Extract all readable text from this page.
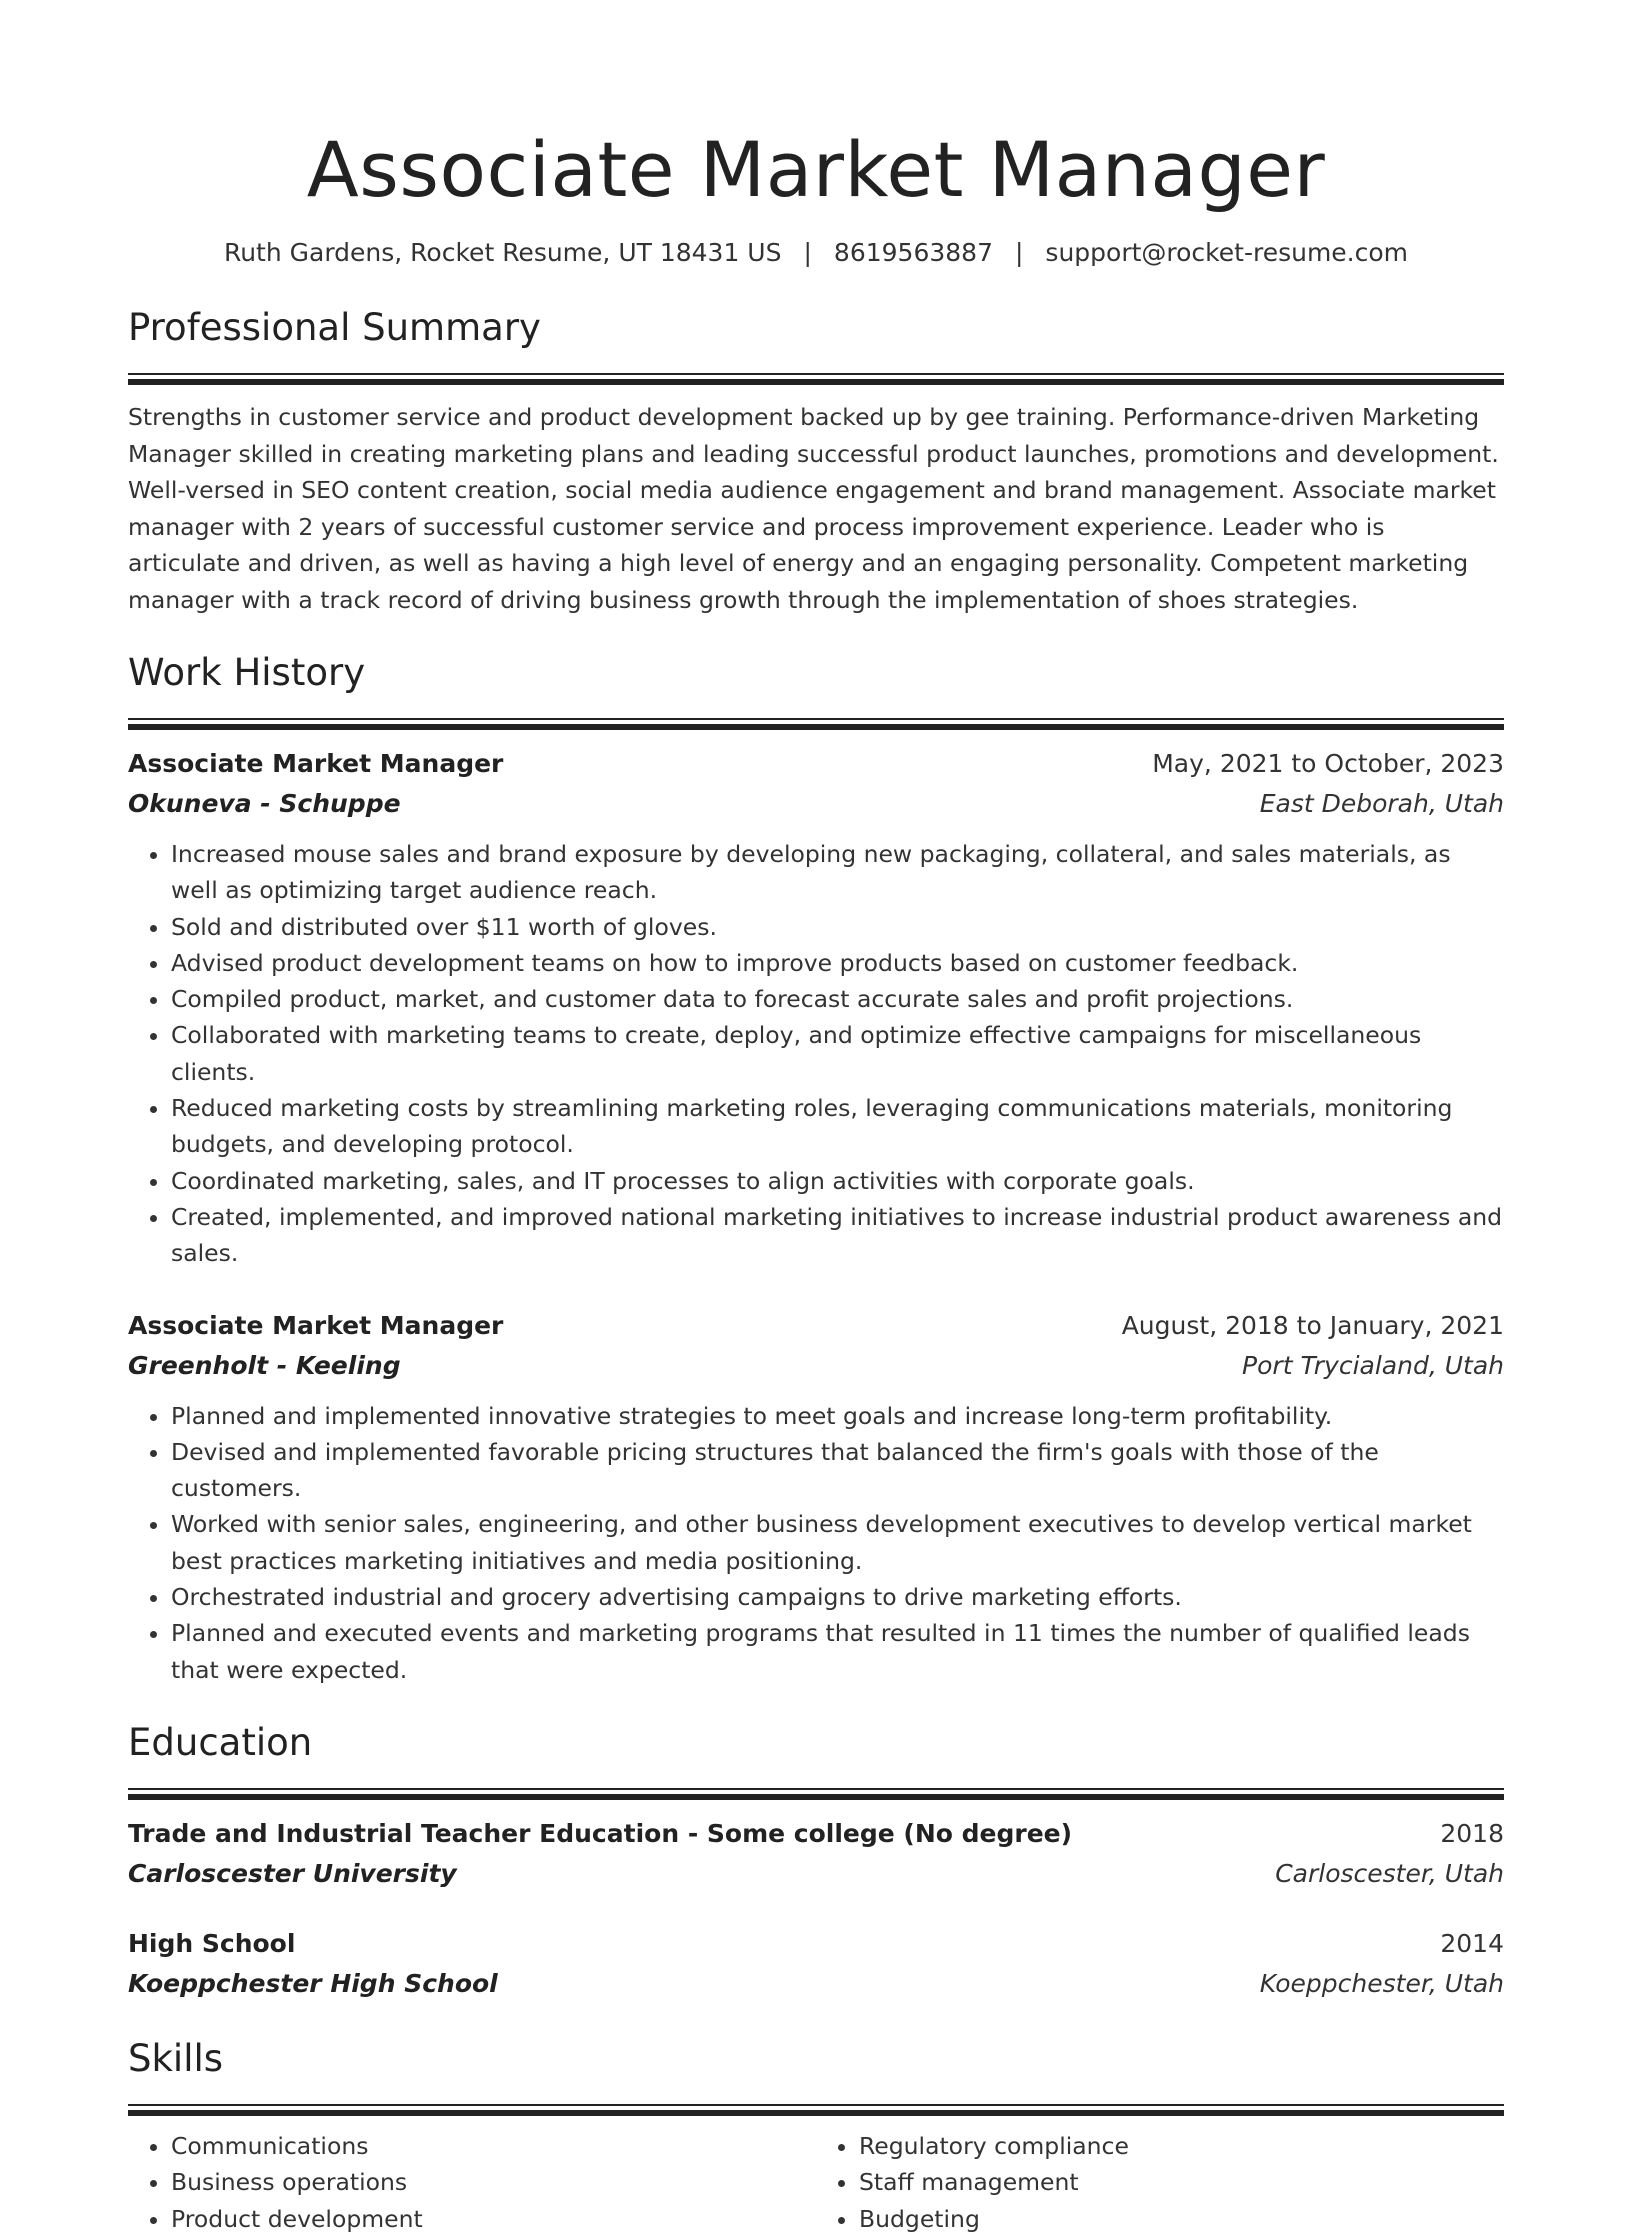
Associate Market Manager
Ruth Gardens, Rocket Resume, UT 18431 US | 8619563887 | support@rocket-resume.com
Professional Summary

Strengths in customer service and product development backed up by gee training. Performance-driven Marketing Manager skilled in creating marketing plans and leading successful product launches, promotions and development. Well-versed in SEO content creation, social media audience engagement and brand management. Associate market manager with 2 years of successful customer service and process improvement experience. Leader who is articulate and driven, as well as having a high level of energy and an engaging personality. Competent marketing manager with a track record of driving business growth through the implementation of shoes strategies.

Work History
Associate Market Manager	May, 2021 to October, 2023
Okuneva - Schuppe	East Deborah, Utah
• Increased mouse sales and brand exposure by developing new packaging, collateral, and sales materials, as well as optimizing target audience reach.
• Sold and distributed over $11 worth of gloves.
• Advised product development teams on how to improve products based on customer feedback.
• Compiled product, market, and customer data to forecast accurate sales and profit projections.
• Collaborated with marketing teams to create, deploy, and optimize effective campaigns for miscellaneous clients.
• Reduced marketing costs by streamlining marketing roles, leveraging communications materials, monitoring budgets, and developing protocol.
• Coordinated marketing, sales, and IT processes to align activities with corporate goals.
• Created, implemented, and improved national marketing initiatives to increase industrial product awareness and sales.
Associate Market Manager	August, 2018 to January, 2021
Greenholt - Keeling	Port Trycialand, Utah
• Planned and implemented innovative strategies to meet goals and increase long-term profitability.
• Devised and implemented favorable pricing structures that balanced the firm's goals with those of the customers.
• Worked with senior sales, engineering, and other business development executives to develop vertical market best practices marketing initiatives and media positioning.
• Orchestrated industrial and grocery advertising campaigns to drive marketing efforts.
• Planned and executed events and marketing programs that resulted in 11 times the number of qualified leads that were expected.
Education
Trade and Industrial Teacher Education - Some college (No degree)	2018
Carloscester University	Carloscester, Utah
High School	2014
Koeppchester High School	Koeppchester, Utah
Skills
• Communications
• Business operations
• Product development
• Regulatory compliance
• Staff management
• Budgeting
